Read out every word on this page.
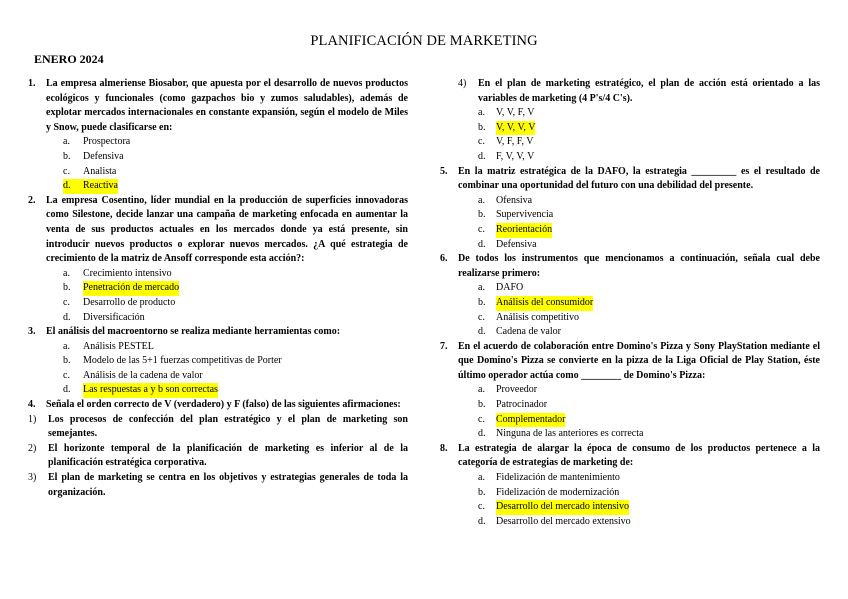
PLANIFICACIÓN DE MARKETING
ENERO 2024
1.	La empresa almeriense Biosabor, que apuesta por el desarrollo de nuevos productos ecológicos y funcionales (como gazpachos bio y zumos saludables), además de explotar mercados internacionales en constante expansión, según el modelo de Miles y Snow, puede clasificarse en:
a.	Prospectora
b.	Defensiva
c.	Analista
d.	Reactiva
2.	La empresa Cosentino, líder mundial en la producción de superficies innovadoras como Silestone, decide lanzar una campaña de marketing enfocada en aumentar la venta de sus productos actuales en los mercados donde ya está presente, sin introducir nuevos productos o explorar nuevos mercados. ¿A qué estrategia de crecimiento de la matriz de Ansoff corresponde esta acción?:
a.	Crecimiento intensivo
b.	Penetración de mercado
c.	Desarrollo de producto
d.	Diversificación
3.	El análisis del macroentorno se realiza mediante herramientas como:
a.	Análisis PESTEL
b.	Modelo de las 5+1 fuerzas competitivas de Porter
c.	Análisis de la cadena de valor
d.	Las respuestas a y b son correctas
4.	Señala el orden correcto de V (verdadero) y F (falso) de las siguientes afirmaciones:
1)	Los procesos de confección del plan estratégico y el plan de marketing son semejantes.
2)	El horizonte temporal de la planificación de marketing es inferior al de la planificación estratégica corporativa.
3)	El plan de marketing se centra en los objetivos y estrategias generales de toda la organización.
4)	En el plan de marketing estratégico, el plan de acción está orientado a las variables de marketing (4 P's/4 C's).
a.	V, V, F, V
b.	V, V, V, V
c.	V, F, F, V
d.	F, V, V, V
5.	En la matriz estratégica de la DAFO, la estrategia _________ es el resultado de combinar una oportunidad del futuro con una debilidad del presente.
a.	Ofensiva
b.	Supervivencia
c.	Reorientación
d.	Defensiva
6.	De todos los instrumentos que mencionamos a continuación, señala cual debe realizarse primero:
a.	DAFO
b.	Análisis del consumidor
c.	Análisis competitivo
d.	Cadena de valor
7.	En el acuerdo de colaboración entre Domino's Pizza y Sony PlayStation mediante el que Domino's Pizza se convierte en la pizza de la Liga Oficial de Play Station, éste último operador actúa como ________ de Domino's Pizza:
a.	Proveedor
b.	Patrocinador
c.	Complementador
d.	Ninguna de las anteriores es correcta
8.	La estrategia de alargar la época de consumo de los productos pertenece a la categoría de estrategias de marketing de:
a.	Fidelización de mantenimiento
b.	Fidelización de modernización
c.	Desarrollo del mercado intensivo
d.	Desarrollo del mercado extensivo
